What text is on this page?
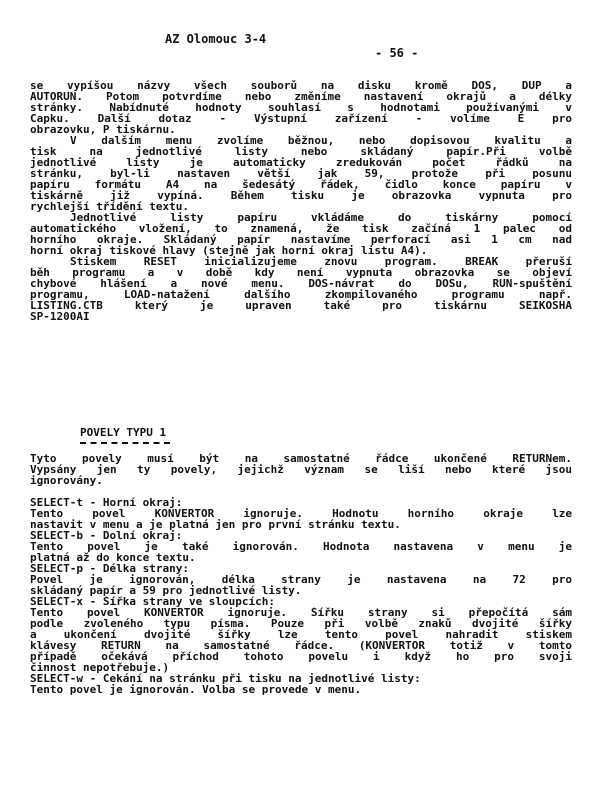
AZ Olomouc 3-4

- 56 -

se vypíšou názvy všech souborů na disku kromě DOS, DUP a
AUTORUN. Potom potvrdíme nebo změníme nastavení okrajů a délky
stránky. Nabídnuté hodnoty souhlasí s hodnotami používanými v
Capku. Další dotaz - Výstupní zařízení - volíme E pro
obrazovku, P tiskárnu.
V dalším menu zvolíme běžnou, nebo dopisovou kvalitu a
tisk na jednotlivé listy nebo skládaný papír.Při volbě
jednotlivé listy je automaticky zredukován počet řádků na
stránku, byl-li nastaven větší jak 59, protože při posunu
papíru formátu A4 na šedesátý řádek, čidlo konce papíru v
tiskárně již vypíná. Během tisku je obrazovka vypnuta pro
rychlejší třídění textu.
Jednotlivé listy papíru vkládáme do tiskárny pomocí
automatického vložení, to znamená, že tisk začíná 1 palec od
horního okraje. Skládaný papír nastavíme perforací asi 1 cm nad
horní okraj tiskové hlavy (stejně jak horní okraj listu A4).
Stiskem RESET inicializujeme znovu program. BREAK přeruší
běh programu a v době kdy není vypnuta obrazovka se objeví
chybové hlášení a nové menu. DOS-návrat do DOSu, RUN-spuštění
programu, LOAD-natažení dalšího zkompilovaného programu např.
LISTING.CTB který je upraven také pro tiskárnu SEIKOSHA
SP-1200AI
POVELY TYPU 1
Tyto povely musí být na samostatné řádce ukončené RETURNem.
Vypsány jen ty povely, jejichž význam se liší nebo které jsou
ignorovány.
SELECT-t - Horní okraj:
Tento povel KONVERTOR ignoruje. Hodnotu horního okraje lze
nastavit v menu a je platná jen pro první stránku textu.
SELECT-b - Dolní okraj:
Tento povel je také ignorován. Hodnota nastavena v menu je
platná až do konce textu.
SELECT-p - Délka strany:
Povel je ignorován, délka strany je nastavena na 72 pro
skládaný papír a 59 pro jednotlivé listy.
SELECT-x - Šířka strany ve sloupcích:
Tento povel KONVERTOR ignoruje. Šířku strany si přepočítá sám
podle zvoleného typu písma. Pouze při volbě znaků dvojité šířky
a ukončení dvojité šířky lze tento povel nahradit stiskem
klávesy RETURN na samostatné řádce. (KONVERTOR totiž v tomto
případě očekává příchod tohoto povelu i když ho pro svoji
činnost nepotřebuje.)
SELECT-w - Čekání na stránku při tisku na jednotlivé listy:
Tento povel je ignorován. Volba se provede v menu.
